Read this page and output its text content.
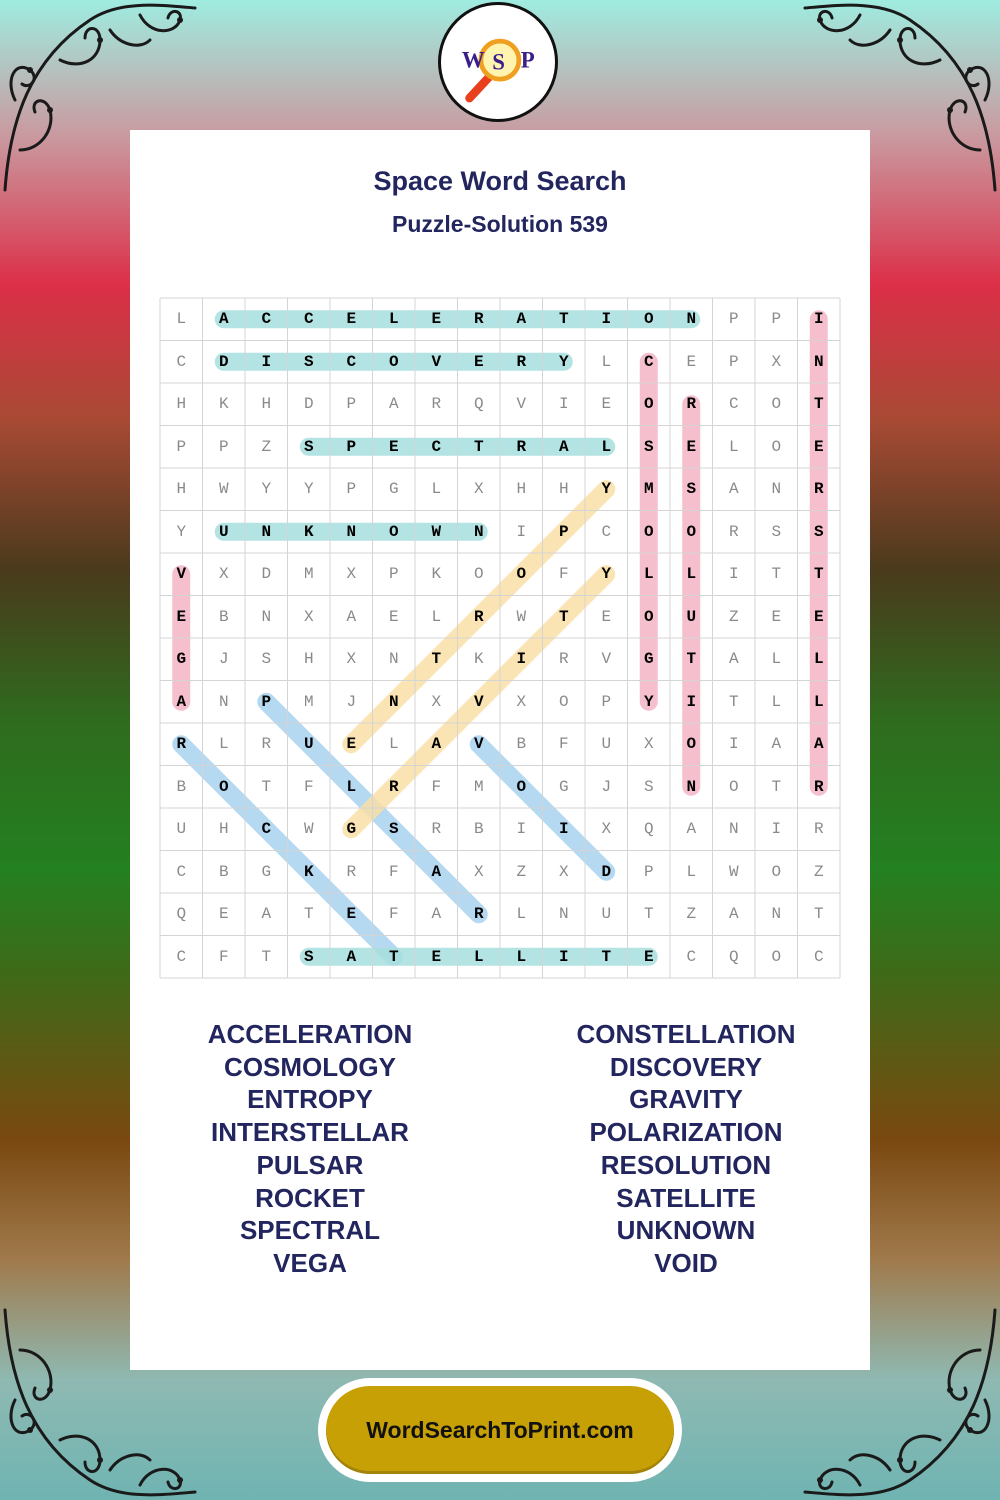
W S P
Space Word Search
Puzzle-Solution 539
L	A	C	C	E	L	E	R	A	T	I	O	N	P	P	I
C	D	I	S	C	O	V	E	R	Y	L	C	E	P	X	N
H	K	H	D	P	A	R	Q	V	I	E	O	R	C	O	T
P	P	Z	S	P	E	C	T	R	A	L	S	E	L	O	E
H	W	Y	Y	P	G	L	X	H	H	Y	M	S	A	N	R
Y	U	N	K	N	O	W	N	I	P	C	O	O	R	S	S
V	X	D	M	X	P	K	O	O	F	Y	L	L	I	T	T
E	B	N	X	A	E	L	R	W	T	E	O	U	Z	E	E
G	J	S	H	X	N	T	K	I	R	V	G	T	A	L	L
A	N	P	M	J	N	X	V	X	O	P	Y	I	T	L	L
R	L	R	U	E	L	A	V	B	F	U	X	O	I	A	A
B	O	T	F	L	R	F	M	O	G	J	S	N	O	T	R
U	H	C	W	G	S	R	B	I	I	X	Q	A	N	I	R
C	B	G	K	R	F	A	X	Z	X	D	P	L	W	O	Z
Q	E	A	T	E	F	A	R	L	N	U	T	Z	A	N	T
C	F	T	S	A	T	E	L	L	I	T	E	C	Q	O	C
ACCELERATION
COSMOLOGY
ENTROPY
INTERSTELLAR
PULSAR
ROCKET
SPECTRAL
VEGA
CONSTELLATION
DISCOVERY
GRAVITY
POLARIZATION
RESOLUTION
SATELLITE
UNKNOWN
VOID
WordSearchToPrint.com
